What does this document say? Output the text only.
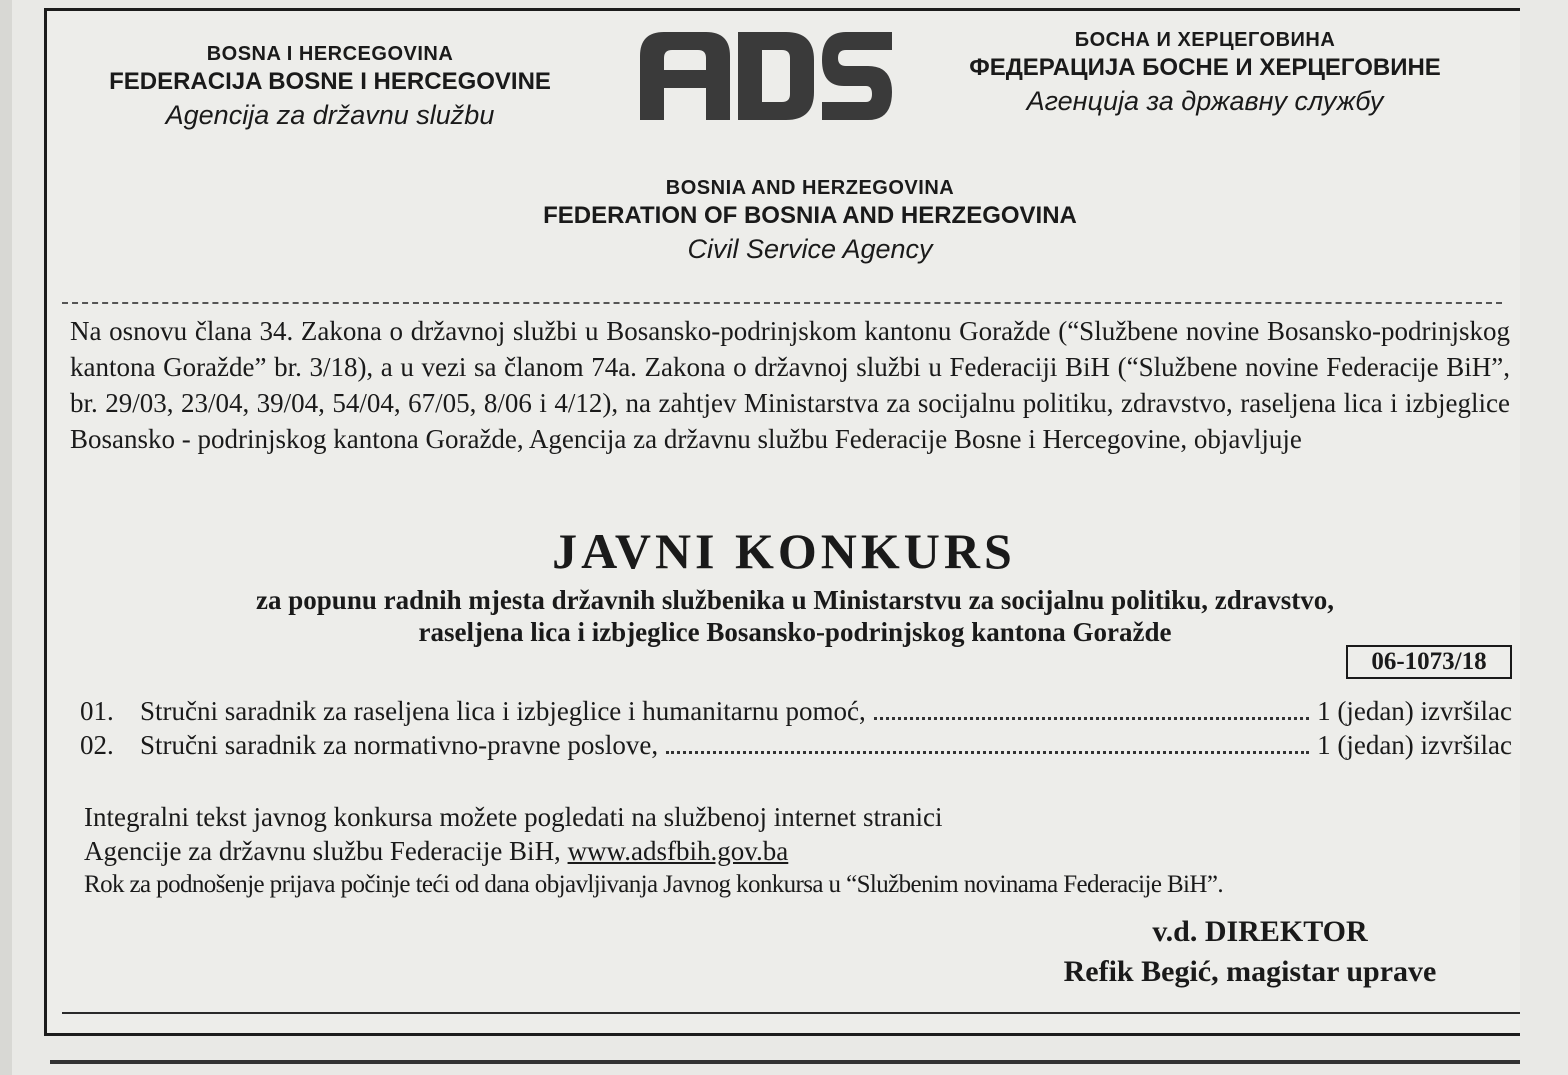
BOSNA I HERCEGOVINA
FEDERACIJA BOSNE I HERCEGOVINE
Agencija za državnu službu
БОСНА И ХЕРЦЕГОВИНА
ФЕДЕРАЦИЈА БОСНЕ И ХЕРЦЕГОВИНЕ
Агенција за државну службу
BOSNIA AND HERZEGOVINA
FEDERATION OF BOSNIA AND HERZEGOVINA
Civil Service Agency
Na osnovu člana 34. Zakona o državnoj službi u Bosansko-podrinjskom kantonu Goražde (“Službene novine Bosansko-podrinjskog kantona Goražde” br. 3/18), a u vezi sa članom 74a. Zakona o državnoj službi u Federaciji BiH (“Službene novine Federacije BiH”, br. 29/03, 23/04, 39/04, 54/04, 67/05, 8/06 i 4/12), na zahtjev Ministarstva za socijalnu politiku, zdravstvo, raseljena lica i izbjeglice Bosansko - podrinjskog kantona Goražde, Agencija za državnu službu Federacije Bosne i Hercegovine, objavljuje
JAVNI KONKURS
za popunu radnih mjesta državnih službenika u Ministarstvu za socijalnu politiku, zdravstvo,
raseljena lica i izbjeglice Bosansko-podrinjskog kantona Goražde
06-1073/18
01. Stručni saradnik za raseljena lica i izbjeglice i humanitarnu pomoć,	1 (jedan) izvršilac
02. Stručni saradnik za normativno-pravne poslove,	1 (jedan) izvršilac
Integralni tekst javnog konkursa možete pogledati na službenoj internet stranici
Agencije za državnu službu Federacije BiH, www.adsfbih.gov.ba
Rok za podnošenje prijava počinje teći od dana objavljivanja Javnog konkursa u “Službenim novinama Federacije BiH”.
v.d. DIREKTOR
Refik Begić, magistar uprave
